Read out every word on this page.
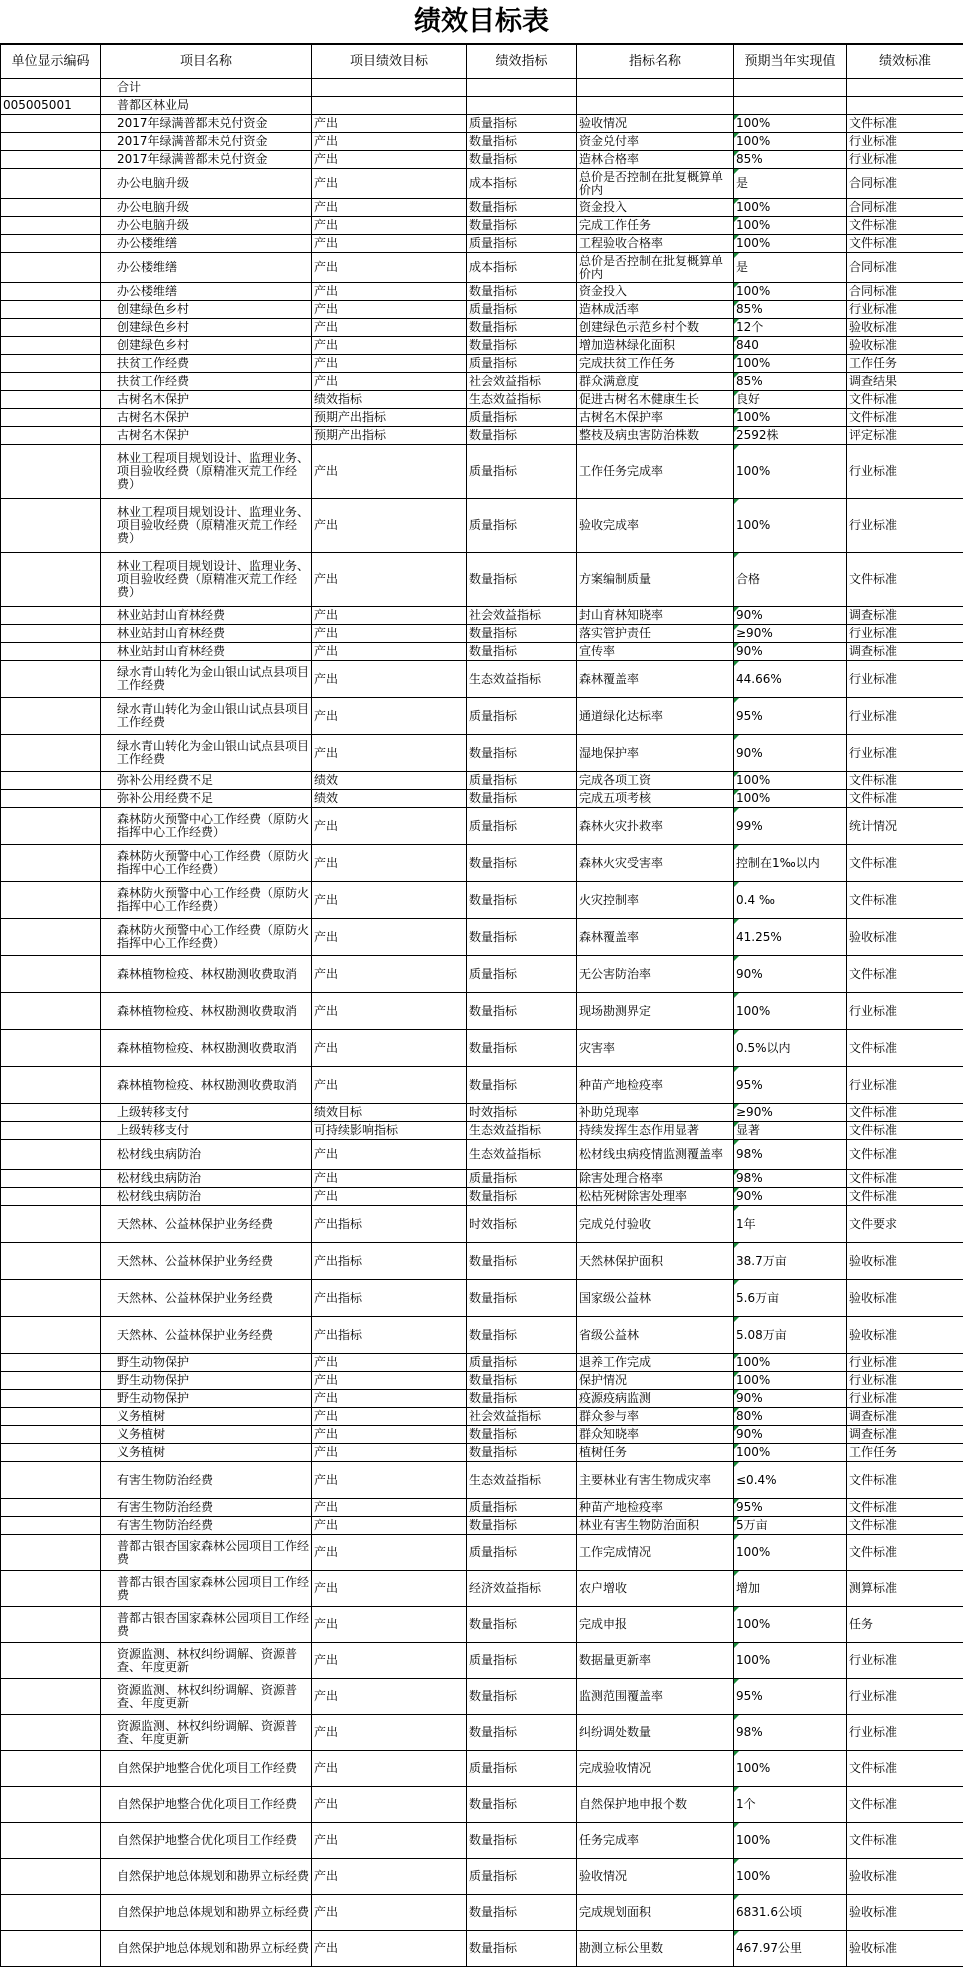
绩效目标表
单位显示编码	项目名称	项目绩效目标	绩效指标	指标名称	预期当年实现值	绩效标准
	合计					
005005001	普都区林业局					
	2017年绿满普都未兑付资金	产出	质量指标	验收情况	100%	文件标准
	2017年绿满普都未兑付资金	产出	数量指标	资金兑付率	100%	行业标准
	2017年绿满普都未兑付资金	产出	数量指标	造林合格率	85%	行业标准
	办公电脑升级	产出	成本指标	总价是否控制在批复概算单价内	是	合同标准
	办公电脑升级	产出	数量指标	资金投入	100%	合同标准
	办公电脑升级	产出	数量指标	完成工作任务	100%	文件标准
	办公楼维缮	产出	质量指标	工程验收合格率	100%	文件标准
	办公楼维缮	产出	成本指标	总价是否控制在批复概算单价内	是	合同标准
	办公楼维缮	产出	数量指标	资金投入	100%	合同标准
	创建绿色乡村	产出	质量指标	造林成活率	85%	行业标准
	创建绿色乡村	产出	数量指标	创建绿色示范乡村个数	12个	验收标准
	创建绿色乡村	产出	数量指标	增加造林绿化面积	840	验收标准
	扶贫工作经费	产出	质量指标	完成扶贫工作任务	100%	工作任务
	扶贫工作经费	产出	社会效益指标	群众满意度	85%	调查结果
	古树名木保护	绩效指标	生态效益指标	促进古树名木健康生长	良好	文件标准
	古树名木保护	预期产出指标	质量指标	古树名木保护率	100%	文件标准
	古树名木保护	预期产出指标	数量指标	整枝及病虫害防治株数	2592株	评定标准
	林业工程项目规划设计、监理业务、项目验收经费（原精准灭荒工作经费）	产出	质量指标	工作任务完成率	100%	行业标准
	林业工程项目规划设计、监理业务、项目验收经费（原精准灭荒工作经费）	产出	质量指标	验收完成率	100%	行业标准
	林业工程项目规划设计、监理业务、项目验收经费（原精准灭荒工作经费）	产出	数量指标	方案编制质量	合格	文件标准
	林业站封山育林经费	产出	社会效益指标	封山育林知晓率	90%	调查标准
	林业站封山育林经费	产出	数量指标	落实管护责任	≥90%	行业标准
	林业站封山育林经费	产出	数量指标	宣传率	90%	调查标准
	绿水青山转化为金山银山试点县项目工作经费	产出	生态效益指标	森林覆盖率	44.66%	行业标准
	绿水青山转化为金山银山试点县项目工作经费	产出	质量指标	通道绿化达标率	95%	行业标准
	绿水青山转化为金山银山试点县项目工作经费	产出	数量指标	湿地保护率	90%	行业标准
	弥补公用经费不足	绩效	质量指标	完成各项工资	100%	文件标准
	弥补公用经费不足	绩效	数量指标	完成五项考核	100%	文件标准
	森林防火预警中心工作经费（原防火指挥中心工作经费）	产出	质量指标	森林火灾扑救率	99%	统计情况
	森林防火预警中心工作经费（原防火指挥中心工作经费）	产出	数量指标	森林火灾受害率	控制在1‰以内	文件标准
	森林防火预警中心工作经费（原防火指挥中心工作经费）	产出	数量指标	火灾控制率	0.4 ‰	文件标准
	森林防火预警中心工作经费（原防火指挥中心工作经费）	产出	数量指标	森林覆盖率	41.25%	验收标准
	森林植物检疫、林权勘测收费取消	产出	质量指标	无公害防治率	90%	文件标准
	森林植物检疫、林权勘测收费取消	产出	数量指标	现场勘测界定	100%	行业标准
	森林植物检疫、林权勘测收费取消	产出	数量指标	灾害率	0.5%以内	文件标准
	森林植物检疫、林权勘测收费取消	产出	数量指标	种苗产地检疫率	95%	行业标准
	上级转移支付	绩效目标	时效指标	补助兑现率	≥90%	文件标准
	上级转移支付	可持续影响指标	生态效益指标	持续发挥生态作用显著	显著	文件标准
	松材线虫病防治	产出	生态效益指标	松材线虫病疫情监测覆盖率	98%	文件标准
	松材线虫病防治	产出	质量指标	除害处理合格率	98%	文件标准
	松材线虫病防治	产出	数量指标	松枯死树除害处理率	90%	文件标准
	天然林、公益林保护业务经费	产出指标	时效指标	完成兑付验收	1年	文件要求
	天然林、公益林保护业务经费	产出指标	数量指标	天然林保护面积	38.7万亩	验收标准
	天然林、公益林保护业务经费	产出指标	数量指标	国家级公益林	5.6万亩	验收标准
	天然林、公益林保护业务经费	产出指标	数量指标	省级公益林	5.08万亩	验收标准
	野生动物保护	产出	质量指标	退养工作完成	100%	行业标准
	野生动物保护	产出	数量指标	保护情况	100%	行业标准
	野生动物保护	产出	数量指标	疫源疫病监测	90%	行业标准
	义务植树	产出	社会效益指标	群众参与率	80%	调查标准
	义务植树	产出	数量指标	群众知晓率	90%	调查标准
	义务植树	产出	数量指标	植树任务	100%	工作任务
	有害生物防治经费	产出	生态效益指标	主要林业有害生物成灾率	≤0.4%	文件标准
	有害生物防治经费	产出	质量指标	种苗产地检疫率	95%	文件标准
	有害生物防治经费	产出	数量指标	林业有害生物防治面积	5万亩	文件标准
	普都古银杏国家森林公园项目工作经费	产出	质量指标	工作完成情况	100%	文件标准
	普都古银杏国家森林公园项目工作经费	产出	经济效益指标	农户增收	增加	测算标准
	普都古银杏国家森林公园项目工作经费	产出	数量指标	完成申报	100%	任务
	资源监测、林权纠纷调解、资源普查、年度更新	产出	质量指标	数据量更新率	100%	行业标准
	资源监测、林权纠纷调解、资源普查、年度更新	产出	数量指标	监测范围覆盖率	95%	行业标准
	资源监测、林权纠纷调解、资源普查、年度更新	产出	数量指标	纠纷调处数量	98%	行业标准
	自然保护地整合优化项目工作经费	产出	质量指标	完成验收情况	100%	文件标准
	自然保护地整合优化项目工作经费	产出	数量指标	自然保护地申报个数	1个	文件标准
	自然保护地整合优化项目工作经费	产出	数量指标	任务完成率	100%	文件标准
	自然保护地总体规划和勘界立标经费	产出	质量指标	验收情况	100%	验收标准
	自然保护地总体规划和勘界立标经费	产出	数量指标	完成规划面积	6831.6公顷	验收标准
	自然保护地总体规划和勘界立标经费	产出	数量指标	勘测立标公里数	467.97公里	验收标准
